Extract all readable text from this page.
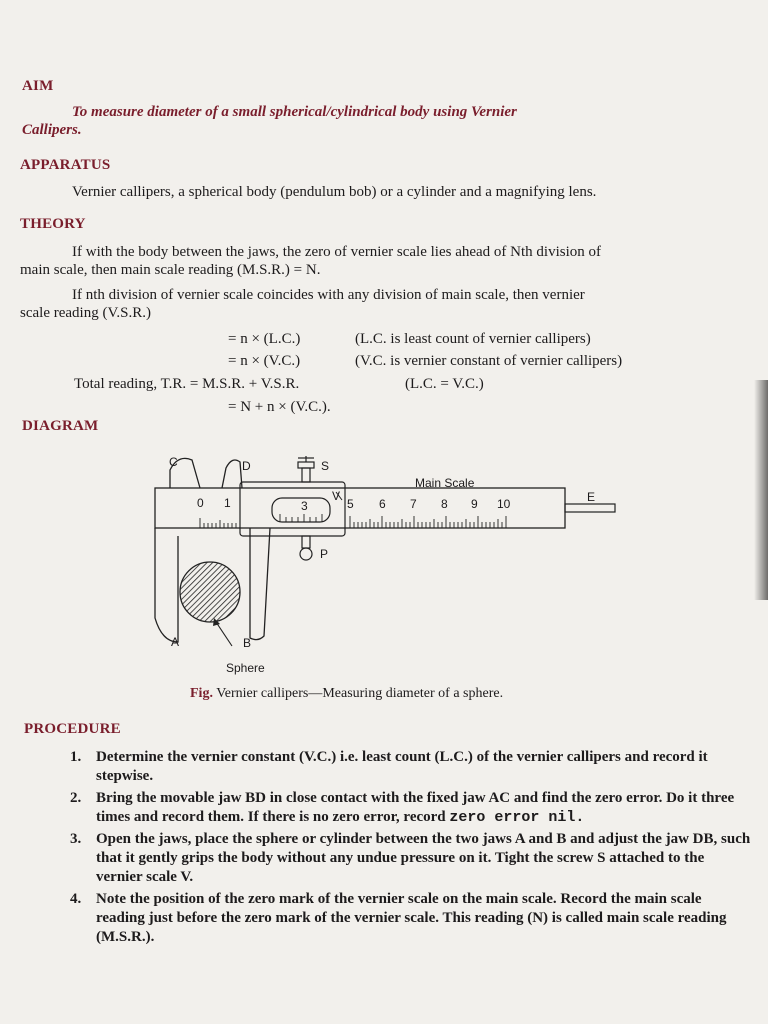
AIM
To measure diameter of a small spherical/cylindrical body using Vernier
Callipers.
APPARATUS
Vernier callipers, a spherical body (pendulum bob) or a cylinder and a magnifying lens.
THEORY
If with the body between the jaws, the zero of vernier scale lies ahead of Nth division of
main scale, then main scale reading (M.S.R.) = N.
If nth division of vernier scale coincides with any division of main scale, then vernier
scale reading (V.S.R.)
= n × (L.C.)	(L.C. is least count of vernier callipers)
= n × (V.C.)	(V.C. is vernier constant of vernier callipers)
Total reading, T.R. = M.S.R. + V.S.R.	(L.C. = V.C.)
= N + n × (V.C.).
DIAGRAM
C	D	S
V
P
E
A	B
Main Scale
Sphere
0 1	3	5 6 7 8 9 10
Fig. Vernier callipers—Measuring diameter of a sphere.
PROCEDURE
1. Determine the vernier constant (V.C.) i.e. least count (L.C.) of the vernier callipers and record it stepwise.
2. Bring the movable jaw BD in close contact with the fixed jaw AC and find the zero error. Do it three times and record them. If there is no zero error, record zero error nil.
3. Open the jaws, place the sphere or cylinder between the two jaws A and B and adjust the jaw DB, such that it gently grips the body without any undue pressure on it. Tight the screw S attached to the vernier scale V.
4. Note the position of the zero mark of the vernier scale on the main scale. Record the main scale reading just before the zero mark of the vernier scale. This reading (N) is called main scale reading (M.S.R.).
